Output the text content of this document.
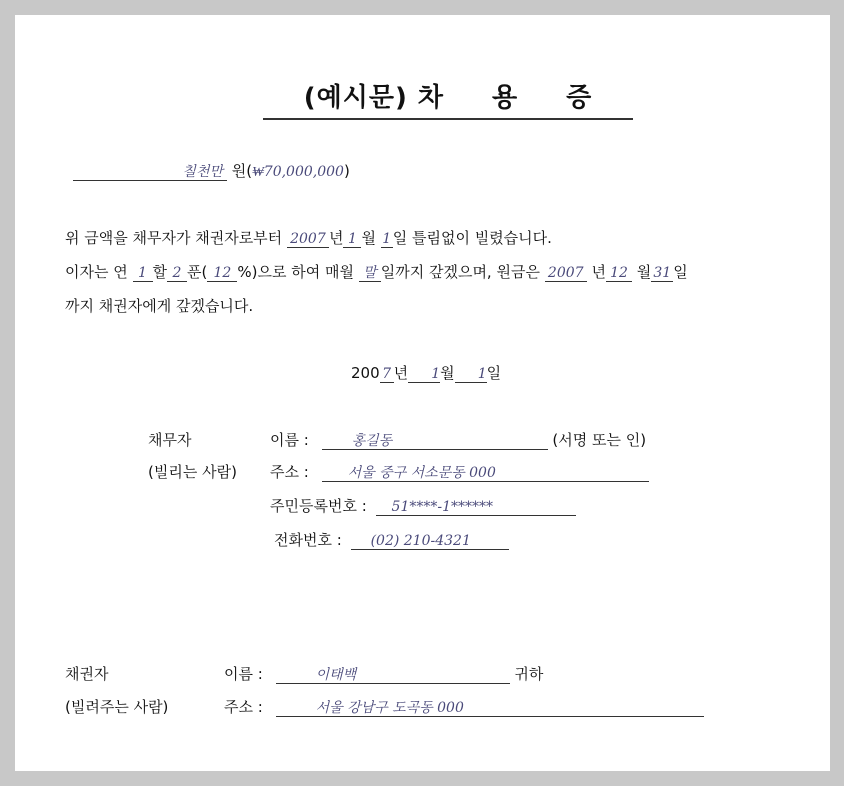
(예시문) 차 용 증
칠천만 원(₩70,000,000)
위 금액을 채무자가 채권자로부터 2007 년 1 월 1 일 틀림없이 빌렸습니다.
이자는 연 1 할 2 푼( 12 %)으로 하여 매월 말 일까지 갚겠으며, 원금은 2007 년 12 월 31 일
까지 채권자에게 갚겠습니다.
200 7 년 1월 1일
채무자
(빌리는 사람)
이름 :	홍길동	(서명 또는 인)
주소 :	서울 중구 서소문동 000
주민등록번호 : 51****-1******
전화번호 : (02) 210-4321
채권자
(빌려주는 사람)
이름 :	이태백	귀하
주소 :	서울 강남구 도곡동 000
